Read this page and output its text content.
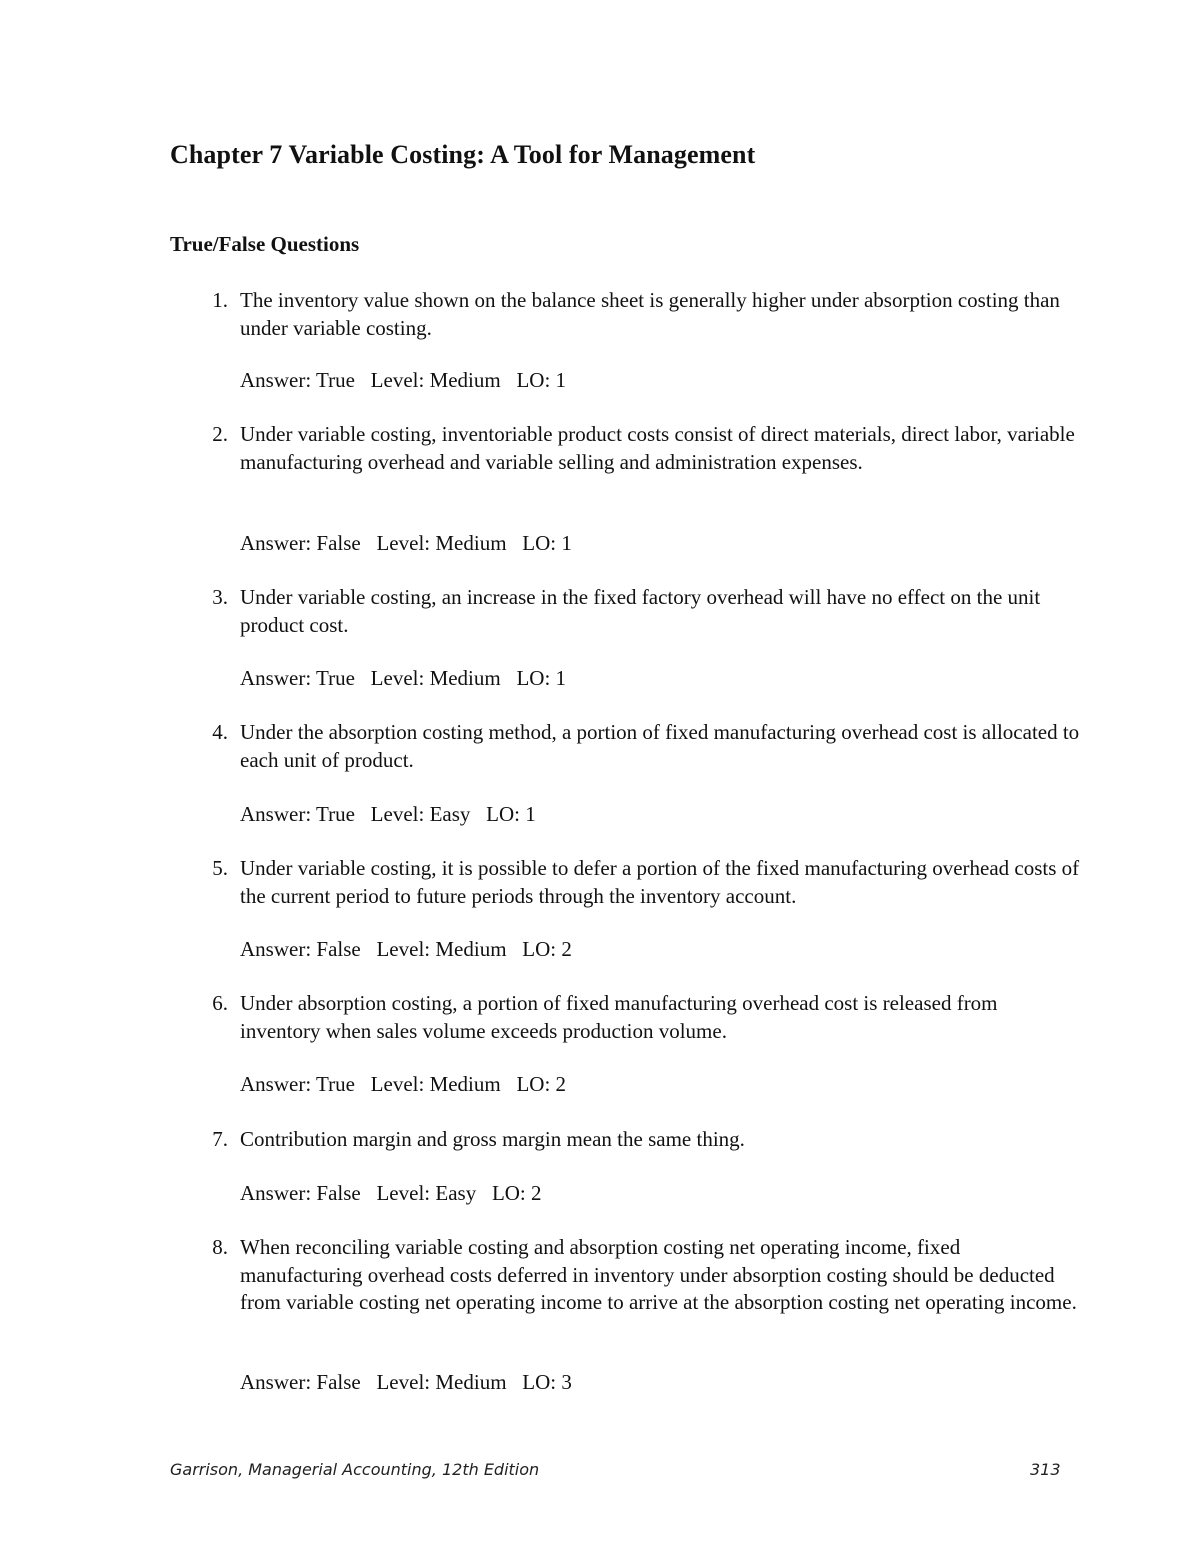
Chapter 7 Variable Costing: A Tool for Management
True/False Questions
1. The inventory value shown on the balance sheet is generally higher under absorption costing than under variable costing.
Answer: True   Level: Medium   LO: 1
2. Under variable costing, inventoriable product costs consist of direct materials, direct labor, variable manufacturing overhead and variable selling and administration expenses.
Answer: False   Level: Medium   LO: 1
3. Under variable costing, an increase in the fixed factory overhead will have no effect on the unit product cost.
Answer: True   Level: Medium   LO: 1
4. Under the absorption costing method, a portion of fixed manufacturing overhead cost is allocated to each unit of product.
Answer: True   Level: Easy   LO: 1
5. Under variable costing, it is possible to defer a portion of the fixed manufacturing overhead costs of the current period to future periods through the inventory account.
Answer: False   Level: Medium   LO: 2
6. Under absorption costing, a portion of fixed manufacturing overhead cost is released from inventory when sales volume exceeds production volume.
Answer: True   Level: Medium   LO: 2
7. Contribution margin and gross margin mean the same thing.
Answer: False   Level: Easy   LO: 2
8. When reconciling variable costing and absorption costing net operating income, fixed manufacturing overhead costs deferred in inventory under absorption costing should be deducted from variable costing net operating income to arrive at the absorption costing net operating income.
Answer: False   Level: Medium   LO: 3
Garrison, Managerial Accounting, 12th Edition	313
